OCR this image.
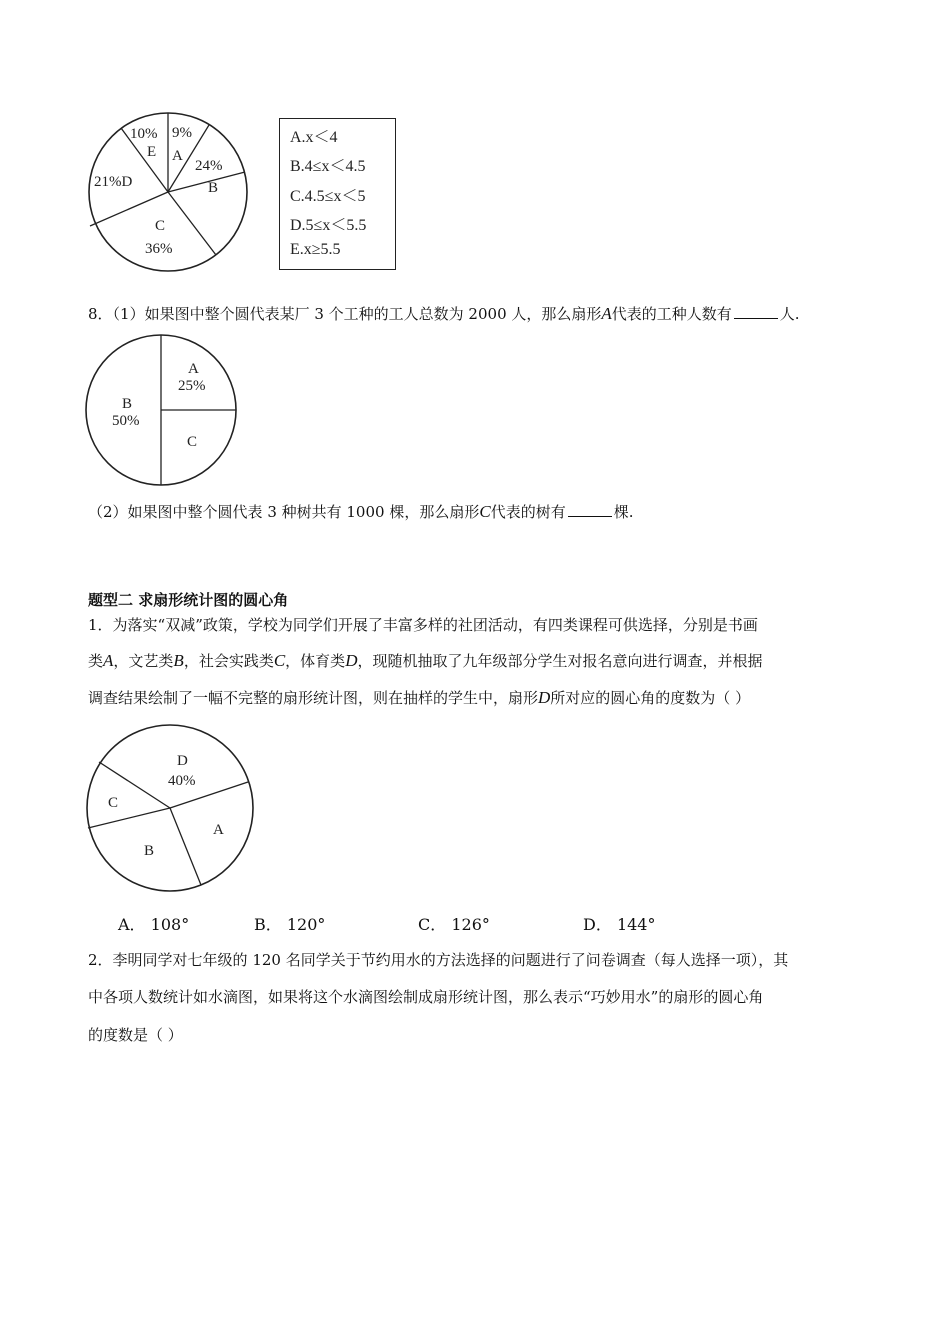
10%
E
9%
A
24%
B
21%D
C
36%
A.x＜4
B.4≤x＜4.5
C.4.5≤x＜5
D.5≤x＜5.5
E.x≥5.5
8．（1）如果图中整个圆代表某厂 3 个工种的工人总数为 2000 人，那么扇形A代表的工种人数有	人.
A
25%
B
50%
C
（2）如果图中整个圆代表 3 种树共有 1000 棵，那么扇形C代表的树有	棵.
题型二 求扇形统计图的圆心角
1．为落实“双减”政策，学校为同学们开展了丰富多样的社团活动，有四类课程可供选择，分别是书画
类A，文艺类B，社会实践类C，体育类D，现随机抽取了九年级部分学生对报名意向进行调查，并根据
调查结果绘制了一幅不完整的扇形统计图，则在抽样的学生中，扇形D所对应的圆心角的度数为（ ）
D
40%
C
A
B
A． 108°	B． 120°	C． 126°	D． 144°
2．李明同学对七年级的 120 名同学关于节约用水的方法选择的问题进行了问卷调查（每人选择一项），其
中各项人数统计如水滴图，如果将这个水滴图绘制成扇形统计图，那么表示“巧妙用水”的扇形的圆心角
的度数是（ ）
